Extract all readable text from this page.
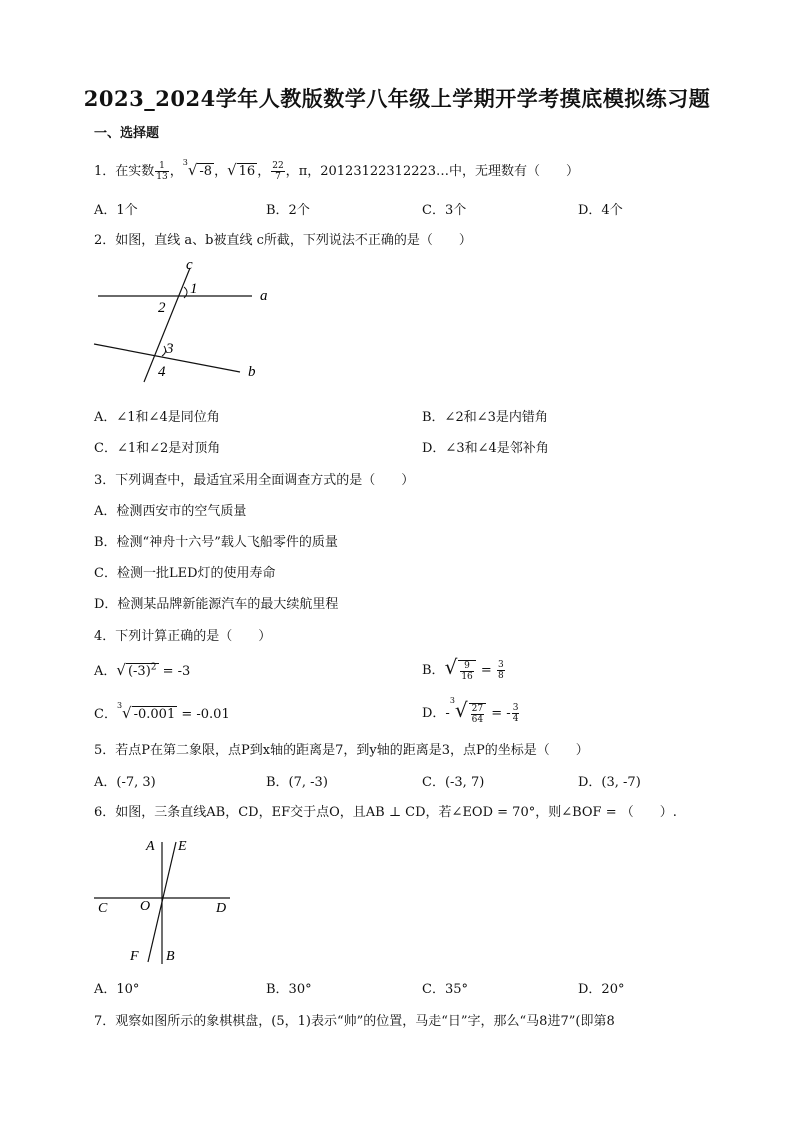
2023_2024学年人教版数学八年级上学期开学考摸底模拟练习题
一、选择题
1．在实数 $\frac{1}{13}$ ，$^3$√ -8 ，√ 16 ， $\frac{22}{7}$ ，π，20123122312223…中，无理数有（　　）
A．1个	B．2个	C．3个	D．4个
2．如图，直线 a、b被直线 c所截，下列说法不正确的是（　　）
c
a
b
1
2
3
4
A．∠1和∠4是同位角	B．∠2和∠3是内错角
C．∠1和∠2是对顶角	D．∠3和∠4是邻补角
3．下列调查中，最适宜采用全面调查方式的是（　　）
A．检测西安市的空气质量
B．检测“神舟十六号”载人飞船零件的质量
C．检测一批LED灯的使用寿命
D．检测某品牌新能源汽车的最大续航里程
4．下列计算正确的是（　　）
A．√ $(-3)^2 = -3$	B．√ $\frac{9}{16} = \frac{3}{8}$
C．$^3$√ -0.001 = -0.01	D．$-^3√ \frac{27}{64}$ = - $\frac{3}{4}$
5．若点P在第二象限，点P到x轴的距离是7，到y轴的距离是3，点P的坐标是（　　）
A．(-7, 3)	B．(7, -3)	C．(-3, 7)	D．(3, -7)
6．如图，三条直线AB，CD，EF交于点O，且AB ⊥ CD，若∠EOD = 70°，则∠BOF = （　　）.
A E
C O	D
F B
A．10°	B．30°	C．35°	D．20°
7．观察如图所示的象棋棋盘，(5，1)表示“帅”的位置，马走“日”字，那么“马8进7”(即第8
